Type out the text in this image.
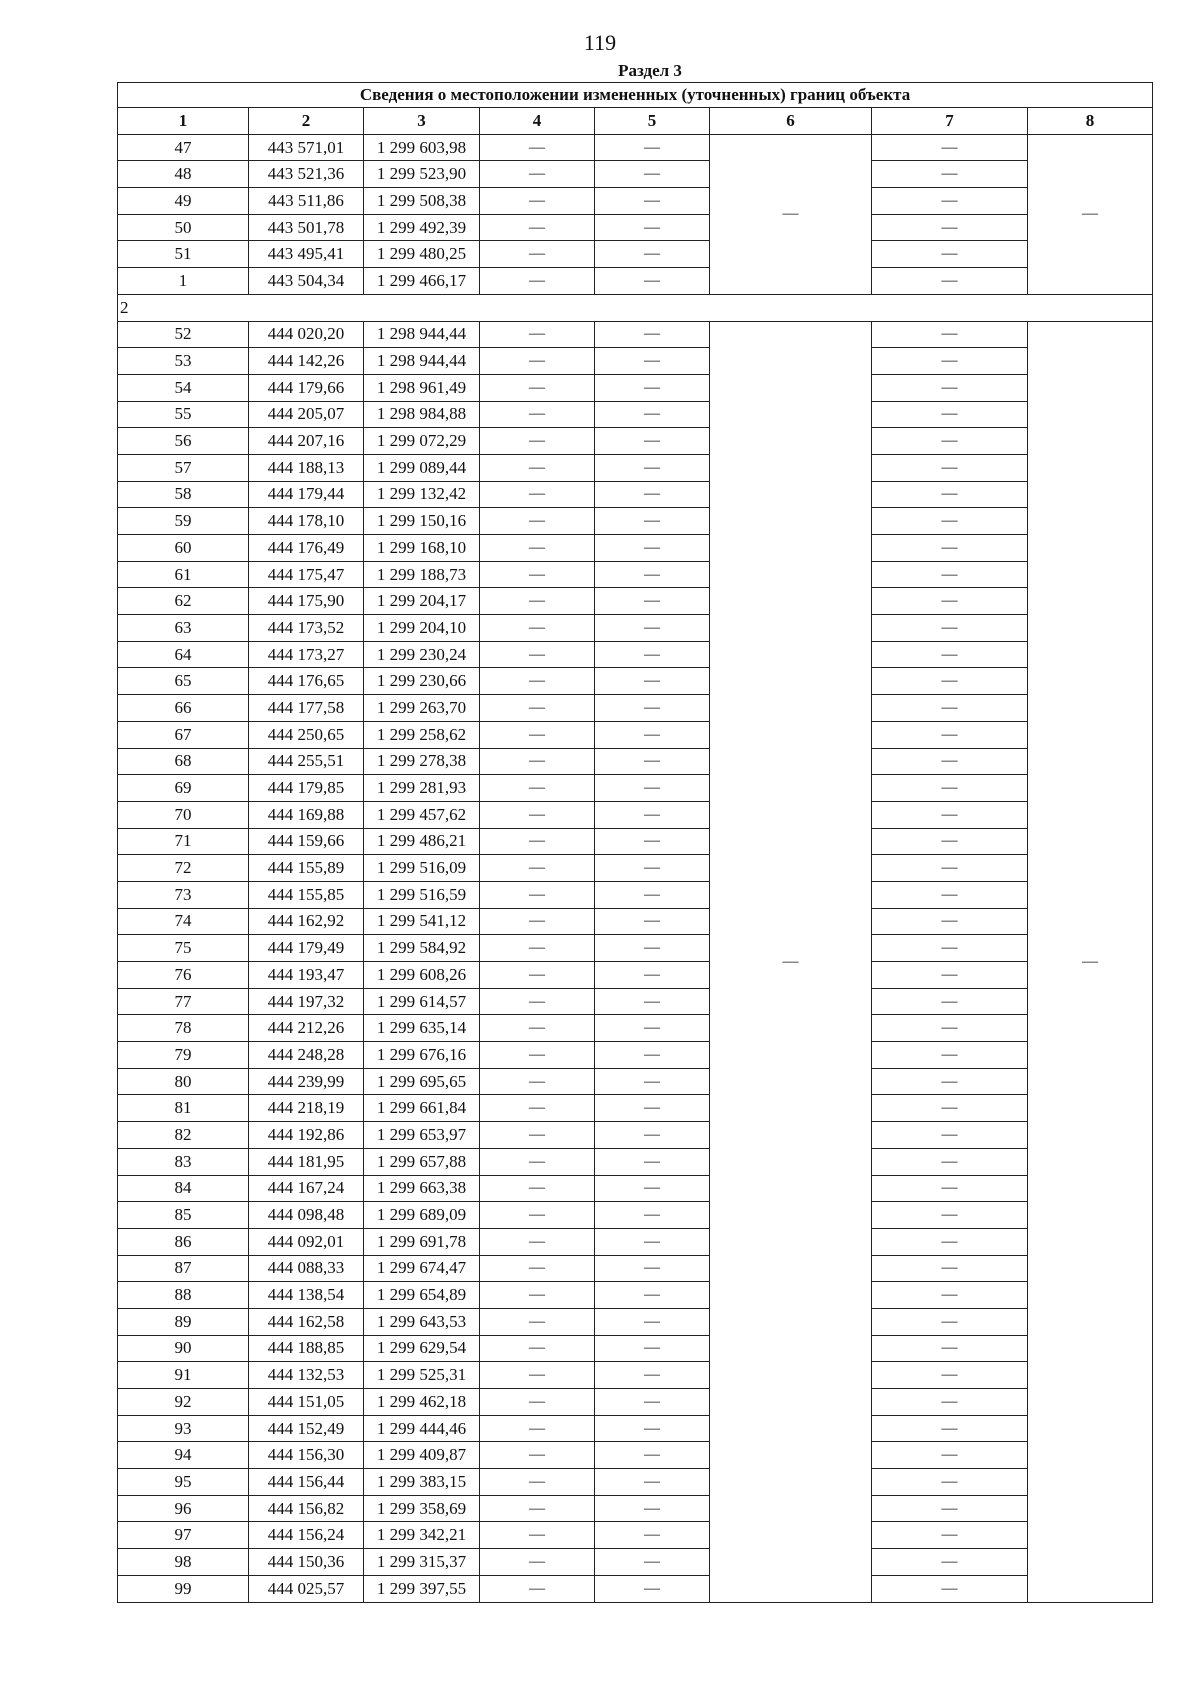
119
Раздел 3
Сведения о местоположении измененных (уточненных) границ объекта							
1	2	3	4	5	6	7	8
47	443 571,01	1 299 603,98	—	—	—	—	—
48	443 521,36	1 299 523,90	—	—		—	
49	443 511,86	1 299 508,38	—	—		—	
50	443 501,78	1 299 492,39	—	—		—	
51	443 495,41	1 299 480,25	—	—		—	
1	443 504,34	1 299 466,17	—	—		—	
2							
52	444 020,20	1 298 944,44	—	—	—	—	—
53	444 142,26	1 298 944,44	—	—		—	
54	444 179,66	1 298 961,49	—	—		—	
55	444 205,07	1 298 984,88	—	—		—	
56	444 207,16	1 299 072,29	—	—		—	
57	444 188,13	1 299 089,44	—	—		—	
58	444 179,44	1 299 132,42	—	—		—	
59	444 178,10	1 299 150,16	—	—		—	
60	444 176,49	1 299 168,10	—	—		—	
61	444 175,47	1 299 188,73	—	—		—	
62	444 175,90	1 299 204,17	—	—		—	
63	444 173,52	1 299 204,10	—	—		—	
64	444 173,27	1 299 230,24	—	—		—	
65	444 176,65	1 299 230,66	—	—		—	
66	444 177,58	1 299 263,70	—	—		—	
67	444 250,65	1 299 258,62	—	—		—	
68	444 255,51	1 299 278,38	—	—		—	
69	444 179,85	1 299 281,93	—	—		—	
70	444 169,88	1 299 457,62	—	—		—	
71	444 159,66	1 299 486,21	—	—		—	
72	444 155,89	1 299 516,09	—	—		—	
73	444 155,85	1 299 516,59	—	—		—	
74	444 162,92	1 299 541,12	—	—		—	
75	444 179,49	1 299 584,92	—	—		—	
76	444 193,47	1 299 608,26	—	—		—	
77	444 197,32	1 299 614,57	—	—		—	
78	444 212,26	1 299 635,14	—	—		—	
79	444 248,28	1 299 676,16	—	—		—	
80	444 239,99	1 299 695,65	—	—		—	
81	444 218,19	1 299 661,84	—	—		—	
82	444 192,86	1 299 653,97	—	—		—	
83	444 181,95	1 299 657,88	—	—		—	
84	444 167,24	1 299 663,38	—	—		—	
85	444 098,48	1 299 689,09	—	—		—	
86	444 092,01	1 299 691,78	—	—		—	
87	444 088,33	1 299 674,47	—	—		—	
88	444 138,54	1 299 654,89	—	—		—	
89	444 162,58	1 299 643,53	—	—		—	
90	444 188,85	1 299 629,54	—	—		—	
91	444 132,53	1 299 525,31	—	—		—	
92	444 151,05	1 299 462,18	—	—		—	
93	444 152,49	1 299 444,46	—	—		—	
94	444 156,30	1 299 409,87	—	—		—	
95	444 156,44	1 299 383,15	—	—		—	
96	444 156,82	1 299 358,69	—	—		—	
97	444 156,24	1 299 342,21	—	—		—	
98	444 150,36	1 299 315,37	—	—		—	
99	444 025,57	1 299 397,55	—	—		—	
